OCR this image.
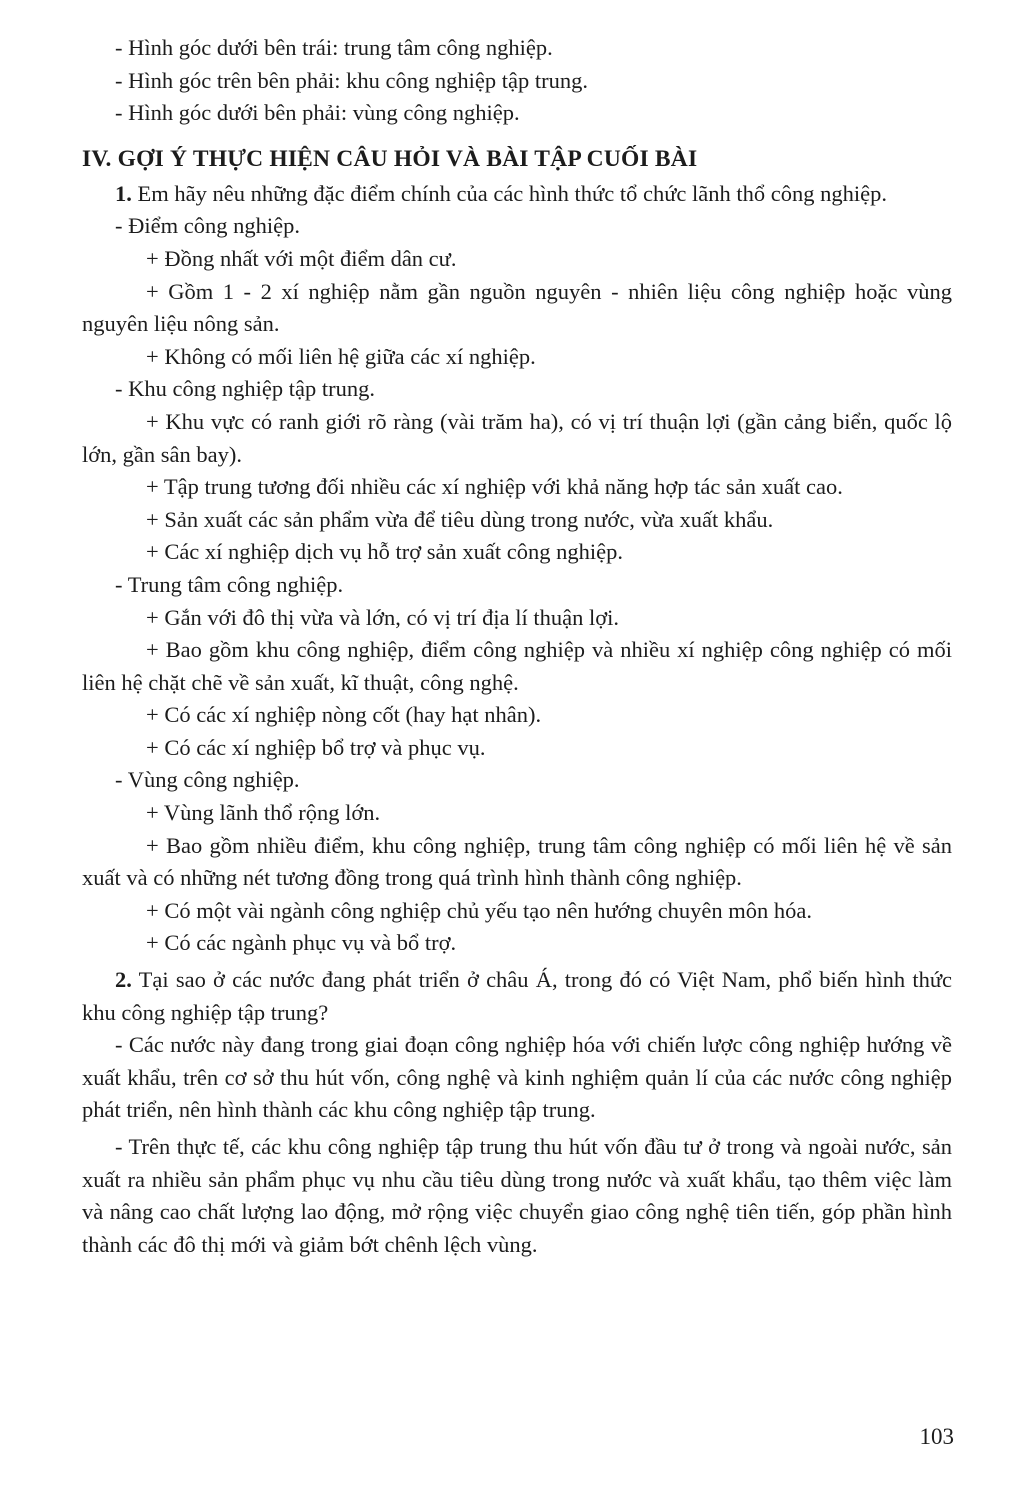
- Hình góc dưới bên trái: trung tâm công nghiệp.

- Hình góc trên bên phải: khu công nghiệp tập trung.

- Hình góc dưới bên phải: vùng công nghiệp.

IV. GỢI Ý THỰC HIỆN CÂU HỎI VÀ BÀI TẬP CUỐI BÀI

1. Em hãy nêu những đặc điểm chính của các hình thức tổ chức lãnh thổ công nghiệp.

- Điểm công nghiệp.

+ Đồng nhất với một điểm dân cư.

+ Gồm 1 - 2 xí nghiệp nằm gần nguồn nguyên - nhiên liệu công nghiệp hoặc vùng nguyên liệu nông sản.

+ Không có mối liên hệ giữa các xí nghiệp.

- Khu công nghiệp tập trung.

+ Khu vực có ranh giới rõ ràng (vài trăm ha), có vị trí thuận lợi (gần cảng biển, quốc lộ lớn, gần sân bay).

+ Tập trung tương đối nhiều các xí nghiệp với khả năng hợp tác sản xuất cao.

+ Sản xuất các sản phẩm vừa để tiêu dùng trong nước, vừa xuất khẩu.

+ Các xí nghiệp dịch vụ hỗ trợ sản xuất công nghiệp.

- Trung tâm công nghiệp.

+ Gắn với đô thị vừa và lớn, có vị trí địa lí thuận lợi.

+ Bao gồm khu công nghiệp, điểm công nghiệp và nhiều xí nghiệp công nghiệp có mối liên hệ chặt chẽ về sản xuất, kĩ thuật, công nghệ.

+ Có các xí nghiệp nòng cốt (hay hạt nhân).

+ Có các xí nghiệp bổ trợ và phục vụ.

- Vùng công nghiệp.

+ Vùng lãnh thổ rộng lớn.

+ Bao gồm nhiều điểm, khu công nghiệp, trung tâm công nghiệp có mối liên hệ về sản xuất và có những nét tương đồng trong quá trình hình thành công nghiệp.

+ Có một vài ngành công nghiệp chủ yếu tạo nên hướng chuyên môn hóa.

+ Có các ngành phục vụ và bổ trợ.

2. Tại sao ở các nước đang phát triển ở châu Á, trong đó có Việt Nam, phổ biến hình thức khu công nghiệp tập trung?

- Các nước này đang trong giai đoạn công nghiệp hóa với chiến lược công nghiệp hướng về xuất khẩu, trên cơ sở thu hút vốn, công nghệ và kinh nghiệm quản lí của các nước công nghiệp phát triển, nên hình thành các khu công nghiệp tập trung.

- Trên thực tế, các khu công nghiệp tập trung thu hút vốn đầu tư ở trong và ngoài nước, sản xuất ra nhiều sản phẩm phục vụ nhu cầu tiêu dùng trong nước và xuất khẩu, tạo thêm việc làm và nâng cao chất lượng lao động, mở rộng việc chuyển giao công nghệ tiên tiến, góp phần hình thành các đô thị mới và giảm bớt chênh lệch vùng.

103
